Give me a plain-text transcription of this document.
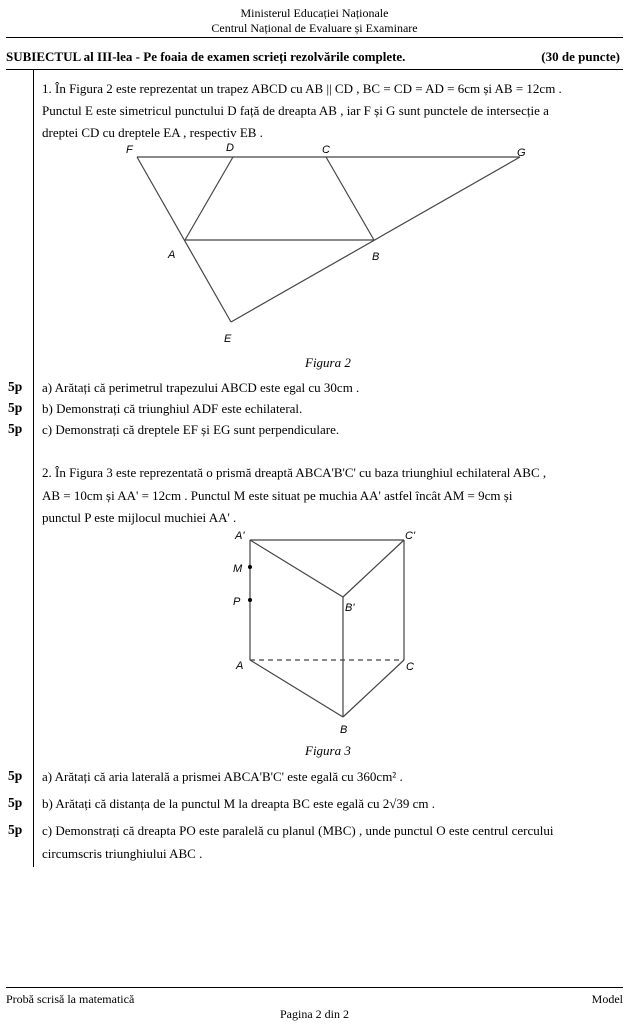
Ministerul Educației Naționale
Centrul Național de Evaluare și Examinare
SUBIECTUL al III-lea - Pe foaia de examen scrieți rezolvările complete.	(30 de puncte)
1. În Figura 2 este reprezentat un trapez ABCD cu AB || CD , BC = CD = AD = 6cm și AB = 12cm .
Punctul E este simetricul punctului D față de dreapta AB , iar F și G sunt punctele de intersecție a
dreptei CD cu dreptele EA , respectiv EB .
F	D	C	G
A	B
E
Figura 2
5p a) Arătați că perimetrul trapezului ABCD este egal cu 30cm .
5p b) Demonstrați că triunghiul ADF este echilateral.
5p c) Demonstrați că dreptele EF și EG sunt perpendiculare.
2. În Figura 3 este reprezentată o prismă dreaptă ABCA'B'C' cu baza triunghiul echilateral ABC ,
AB = 10cm și AA' = 12cm . Punctul M este situat pe muchia AA' astfel încât AM = 9cm și
punctul P este mijlocul muchiei AA' .
A'	C'
M
P	B'
A	C
B
Figura 3
5p a) Arătați că aria laterală a prismei ABCA'B'C' este egală cu 360cm² .
5p b) Arătați că distanța de la punctul M la dreapta BC este egală cu 2√39 cm .
5p c) Demonstrați că dreapta PO este paralelă cu planul (MBC) , unde punctul O este centrul cercului
circumscris triunghiului ABC .
Probă scrisă la matematică	Model
Pagina 2 din 2
